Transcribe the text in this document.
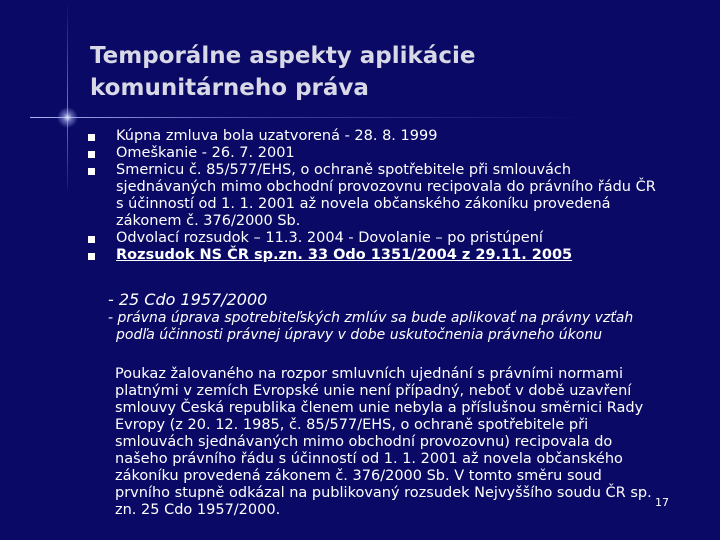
Temporálne aspekty aplikácie
komunitárneho práva
Kúpna zmluva bola uzatvorená - 28. 8. 1999
Omeškanie - 26. 7. 2001
Smernicu č. 85/577/EHS, o ochraně spotřebitele při smlouvách
sjednávaných mimo obchodní provozovnu recipovala do právního řádu ČR
s účinností od 1. 1. 2001 až novela občanského zákoníku provedená
zákonem č. 376/2000 Sb.
Odvolací rozsudok – 11.3. 2004 - Dovolanie – po pristúpení
Rozsudok NS ČR sp.zn. 33 Odo 1351/2004 z 29.11. 2005
- 25 Cdo 1957/2000
- právna úprava spotrebiteľských zmlúv sa bude aplikovať na právny vzťah
podľa účinnosti právnej úpravy v dobe uskutočnenia právneho úkonu
Poukaz žalovaného na rozpor smluvních ujednání s právními normami
platnými v zemích Evropské unie není případný, neboť v době uzavření
smlouvy Česká republika členem unie nebyla a příslušnou směrnici Rady
Evropy (z 20. 12. 1985, č. 85/577/EHS, o ochraně spotřebitele při
smlouvách sjednávaných mimo obchodní provozovnu) recipovala do
našeho právního řádu s účinností od 1. 1. 2001 až novela občanského
zákoníku provedená zákonem č. 376/2000 Sb. V tomto směru soud
prvního stupně odkázal na publikovaný rozsudek Nejvyššího soudu ČR sp.
zn. 25 Cdo 1957/2000.	17
